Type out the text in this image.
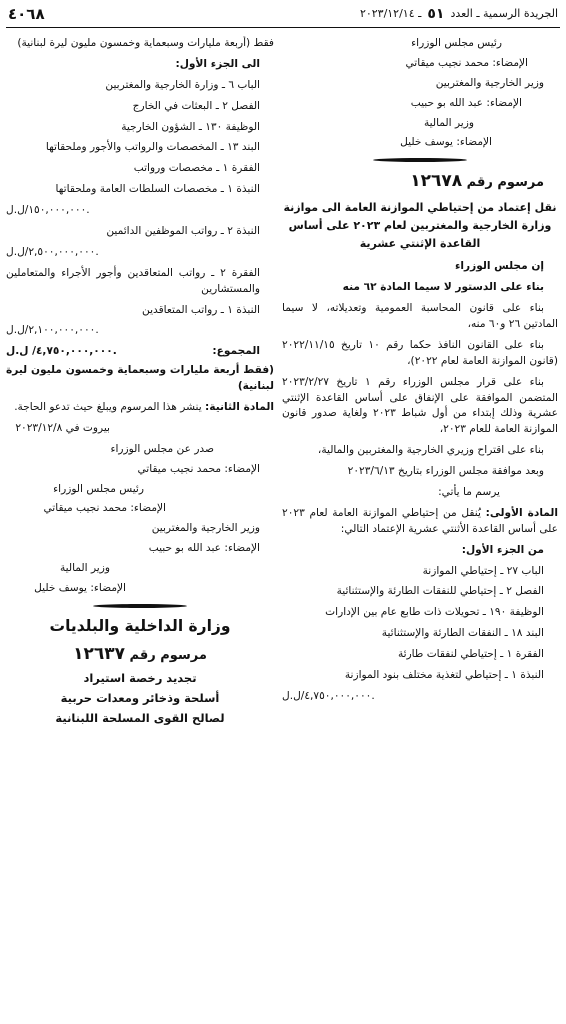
٤٠٦٨	الجريدة الرسمية ـ العدد
٥١
ـ ٢٠٢٣/١٢/١٤
رئيس مجلس الوزراء
الإمضاء: محمد نجيب ميقاتي
وزير الخارجية والمغتربين
الإمضاء: عبد الله بو حبيب
وزير المالية
الإمضاء: يوسف خليل
مرسوم رقم ١٢٦٧٨
نقل إعتماد من إحتياطي الموازنة العامة الى موازنة وزارة الخارجية والمغتربين لعام ٢٠٢٣ على أساس القاعدة الإثنتي عشرية
إن مجلس الوزراء
بناء على الدستور لا سيما المادة ٦٢ منه
بناء على قانون المحاسبة العمومية وتعديلاته، لا سيما المادتين ٢٦ و٦٠ منه،
بناء على القانون النافذ حكما رقم ١٠ تاريخ ٢٠٢٢/١١/١٥ (قانون الموازنة العامة لعام ٢٠٢٢)،
بناء على قرار مجلس الوزراء رقم ١ تاريخ ٢٠٢٣/٢/٢٧ المتضمن الموافقة على الإنفاق على أساس القاعدة الإثنتي عشرية وذلك إبتداء من أول شباط ٢٠٢٣ ولغاية صدور قانون الموازنة العامة للعام ٢٠٢٣،
بناء على اقتراح وزيري الخارجية والمغتربين والمالية،
وبعد موافقة مجلس الوزراء بتاريخ ٢٠٢٣/٦/١٣
يرسم ما يأتي:
المادة الأولى: يُنقل من إحتياطي الموازنة العامة لعام ٢٠٢٣ على أساس القاعدة الأثنتي عشرية الإعتماد التالي:
من الجزء الأول:
الباب ٢٧ ـ إحتياطي الموازنة
الفصل ٢ ـ إحتياطي للنفقات الطارئة والإستثنائية
الوظيفة ١٩٠ ـ تحويلات ذات طابع عام بين الإدارات
البند ١٨ ـ النفقات الطارئة والإستثنائية
الفقرة ١ ـ إحتياطي لنفقات طارئة
النبذة ١ ـ إحتياطي لتغذية مختلف بنود الموازنة
٤,٧٥٠,٠٠٠,٠٠٠/ل.ل.
فقط (أربعة مليارات وسبعماية وخمسون مليون ليرة لبنانية)
الى الجزء الأول:
الباب ٦ ـ وزارة الخارجية والمغتربين
الفصل ٢ ـ البعثات في الخارج
الوظيفة ١٣٠ ـ الشؤون الخارجية
البند ١٣ ـ المخصصات والرواتب والأجور وملحقاتها
الفقرة ١ ـ مخصصات ورواتب
النبذة ١ ـ مخصصات السلطات العامة وملحقاتها
١٥٠,٠٠٠,٠٠٠/ل.ل.
النبذة ٢ ـ رواتب الموظفين الدائمين
٢,٥٠٠,٠٠٠,٠٠٠/ل.ل.
الفقرة ٢ ـ رواتب المتعاقدين وأجور الأجراء والمتعاملين والمستشارين
النبذة ١ ـ رواتب المتعاقدين
٢,١٠٠,٠٠٠,٠٠٠/ل.ل.
المجموع:
٤,٧٥٠,٠٠٠,٠٠٠/ ل.ل.
(فقط أربعة مليارات وسبعماية وخمسون مليون ليرة لبنانية)
المادة الثانية: ينشر هذا المرسوم ويبلغ حيث تدعو الحاجة.
بيروت في ٢٠٢٣/١٢/٨
صدر عن مجلس الوزراء
الإمضاء: محمد نجيب ميقاتي
رئيس مجلس الوزراء
الإمضاء: محمد نجيب ميقاتي
وزير الخارجية والمغتربين
الإمضاء: عبد الله بو حبيب
وزير المالية
الإمضاء: يوسف خليل
وزارة الداخلية والبلديات
مرسوم رقم ١٢٦٣٧
تجديد رخصة استيراد
أسلحة وذخائر ومعدات حربية
لصالح القوى المسلحة اللبنانية
